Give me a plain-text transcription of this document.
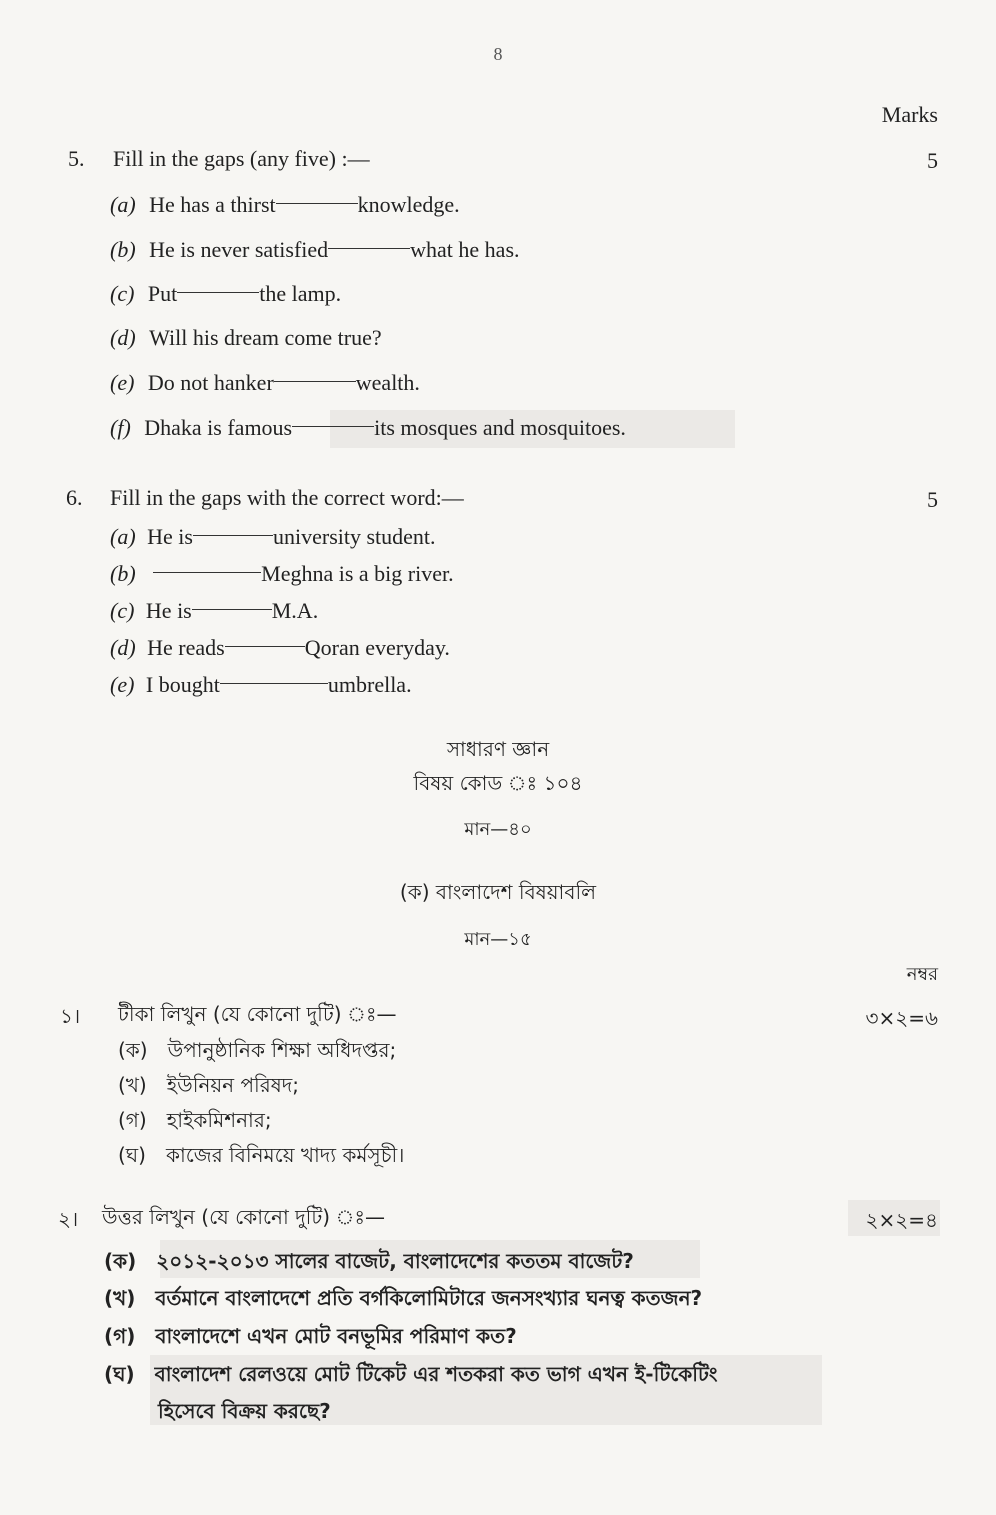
8
Marks
5. Fill in the gaps (any five) :—	5
(a) He has a thirst	knowledge.
(b) He is never satisfied	what he has.
(c) Put	the lamp.
(d) Will his dream come true?
(e) Do not hanker	wealth.
(f) Dhaka is famous	its mosques and mosquitoes.
6. Fill in the gaps with the correct word:—	5
(a) He is	university student.
(b)	Meghna is a big river.
(c) He is	M.A.
(d) He reads	Qoran everyday.
(e) I bought	umbrella.
সাধারণ জ্ঞান
বিষয় কোড ঃ ১০৪
মান—৪০
(ক) বাংলাদেশ বিষয়াবলি
মান—১৫
নম্বর
১। টীকা লিখুন (যে কোনো দুটি) ঃ—	৩×২=৬
(ক) উপানুষ্ঠানিক শিক্ষা অধিদপ্তর;
(খ) ইউনিয়ন পরিষদ;
(গ) হাইকমিশনার;
(ঘ) কাজের বিনিময়ে খাদ্য কর্মসূচী।
২। উত্তর লিখুন (যে কোনো দুটি) ঃ—	২×২=৪
(ক) ২০১২-২০১৩ সালের বাজেট, বাংলাদেশের কততম বাজেট?
(খ) বর্তমানে বাংলাদেশে প্রতি বর্গকিলোমিটারে জনসংখ্যার ঘনত্ব কতজন?
(গ) বাংলাদেশে এখন মোট বনভূমির পরিমাণ কত?
(ঘ) বাংলাদেশ রেলওয়ে মোট টিকেট এর শতকরা কত ভাগ এখন ই-টিকেটিং
হিসেবে বিক্রয় করছে?
